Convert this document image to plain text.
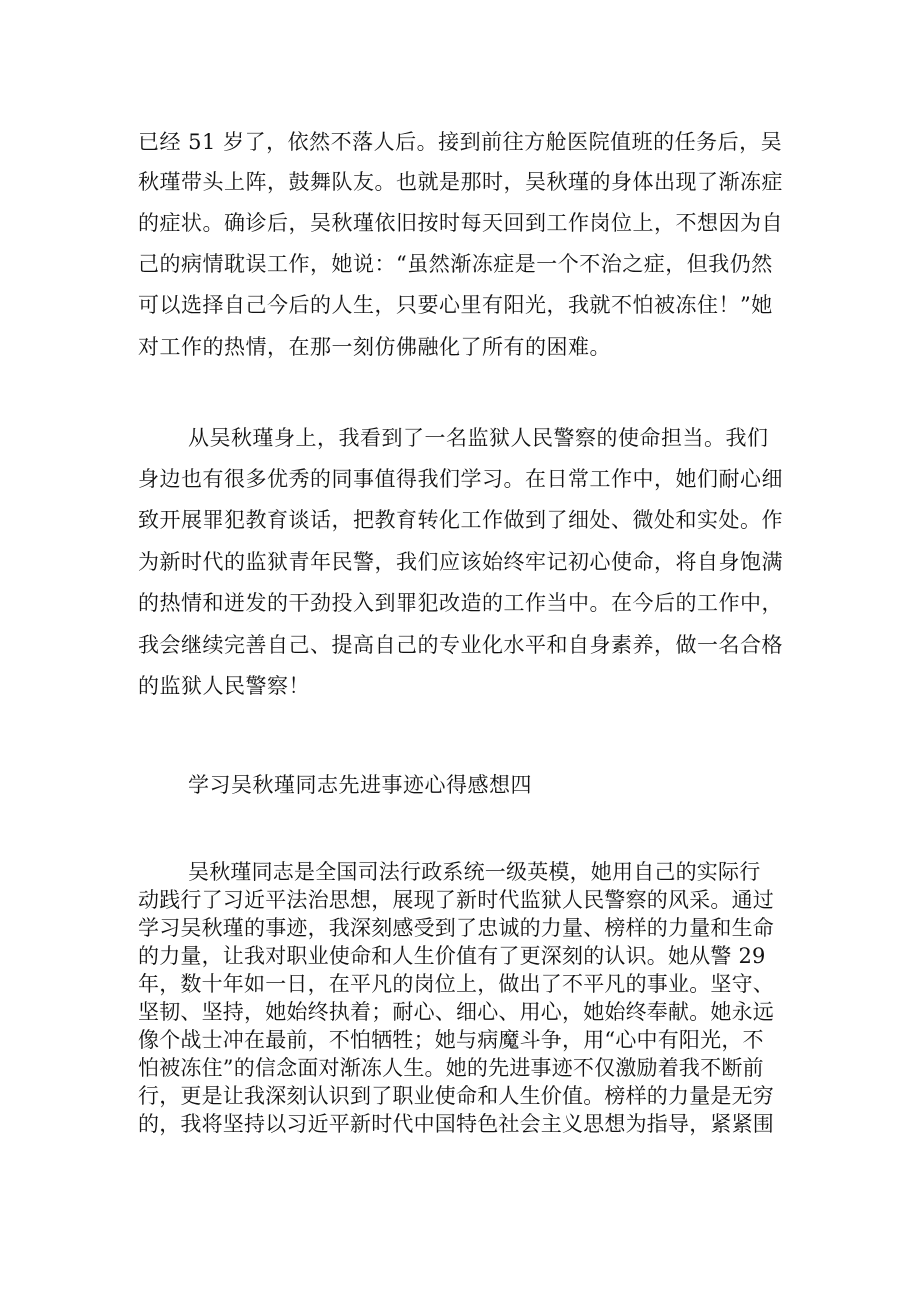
已经 51 岁了，依然不落人后。接到前往方舱医院值班的任务后，吴
秋瑾带头上阵，鼓舞队友。也就是那时，吴秋瑾的身体出现了渐冻症
的症状。确诊后，吴秋瑾依旧按时每天回到工作岗位上，不想因为自
己的病情耽误工作，她说：“虽然渐冻症是一个不治之症，但我仍然
可以选择自己今后的人生，只要心里有阳光，我就不怕被冻住！”她
对工作的热情，在那一刻仿佛融化了所有的困难。
从吴秋瑾身上，我看到了一名监狱人民警察的使命担当。我们
身边也有很多优秀的同事值得我们学习。在日常工作中，她们耐心细
致开展罪犯教育谈话，把教育转化工作做到了细处、微处和实处。作
为新时代的监狱青年民警，我们应该始终牢记初心使命，将自身饱满
的热情和迸发的干劲投入到罪犯改造的工作当中。在今后的工作中，
我会继续完善自己、提高自己的专业化水平和自身素养，做一名合格
的监狱人民警察！
学习吴秋瑾同志先进事迹心得感想四
吴秋瑾同志是全国司法行政系统一级英模，她用自己的实际行
动践行了习近平法治思想，展现了新时代监狱人民警察的风采。通过
学习吴秋瑾的事迹，我深刻感受到了忠诚的力量、榜样的力量和生命
的力量，让我对职业使命和人生价值有了更深刻的认识。她从警 29
年，数十年如一日，在平凡的岗位上，做出了不平凡的事业。坚守、
坚韧、坚持，她始终执着；耐心、细心、用心，她始终奉献。她永远
像个战士冲在最前，不怕牺牲；她与病魔斗争，用“心中有阳光，不
怕被冻住”的信念面对渐冻人生。她的先进事迹不仅激励着我不断前
行，更是让我深刻认识到了职业使命和人生价值。榜样的力量是无穷
的，我将坚持以习近平新时代中国特色社会主义思想为指导，紧紧围
